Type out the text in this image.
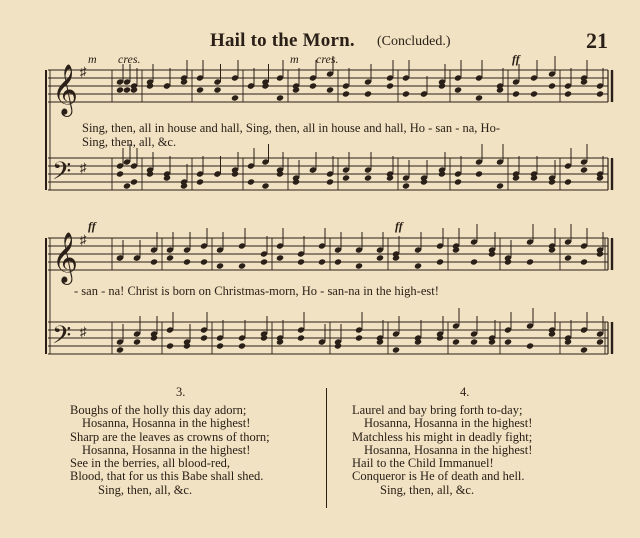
Hail to the Morn. (Concluded.)	21
m cres.	m cres.	ff
Sing, then, all in house and hall, Sing, then, all in house and hall, Ho - san - na, Ho-
Sing, then, all, &c.
ff	ff
- san - na! Christ is born on Christmas-morn, Ho - san-na in the high-est!
𝄞
𝄢
♯
♯
𝄞
𝄢
♯
♯
3.
Boughs of the holly this day adorn;
Hosanna, Hosanna in the highest!
Sharp are the leaves as crowns of thorn;
Hosanna, Hosanna in the highest!
See in the berries, all blood-red,
Blood, that for us this Babe shall shed.
Sing, then, all, &c.
4.
Laurel and bay bring forth to-day;
Hosanna, Hosanna in the highest!
Matchless his might in deadly fight;
Hosanna, Hosanna in the highest!
Hail to the Child Immanuel!
Conqueror is He of death and hell.
Sing, then, all, &c.
